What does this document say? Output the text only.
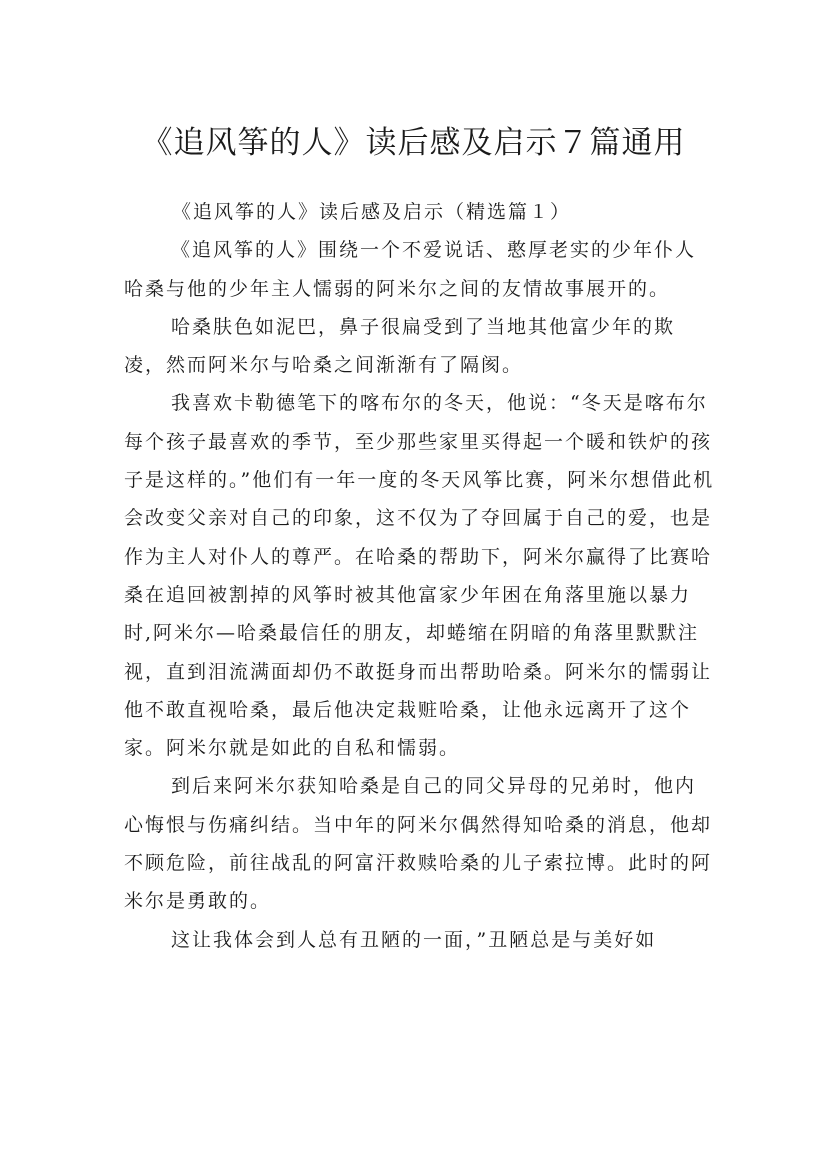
《追风筝的人》读后感及启示７篇通用

《追风筝的人》读后感及启示（精选篇１）

《追风筝的人》围绕一个不爱说话、憨厚老实的少年仆人哈桑与他的少年主人懦弱的阿米尔之间的友情故事展开的。

哈桑肤色如泥巴，鼻子很扁受到了当地其他富少年的欺凌，然而阿米尔与哈桑之间渐渐有了隔阂。

我喜欢卡勒德笔下的喀布尔的冬天，他说：“冬天是喀布尔每个孩子最喜欢的季节，至少那些家里买得起一个暖和铁炉的孩子是这样的。”他们有一年一度的冬天风筝比赛，阿米尔想借此机会改变父亲对自己的印象，这不仅为了夺回属于自己的爱，也是作为主人对仆人的尊严。在哈桑的帮助下，阿米尔赢得了比赛哈桑在追回被割掉的风筝时被其他富家少年困在角落里施以暴力时,阿米尔—哈桑最信任的朋友，却蜷缩在阴暗的角落里默默注视，直到泪流满面却仍不敢挺身而出帮助哈桑。阿米尔的懦弱让他不敢直视哈桑，最后他决定栽赃哈桑，让他永远离开了这个家。阿米尔就是如此的自私和懦弱。

到后来阿米尔获知哈桑是自己的同父异母的兄弟时，他内心悔恨与伤痛纠结。当中年的阿米尔偶然得知哈桑的消息，他却不顾危险，前往战乱的阿富汗救赎哈桑的儿子索拉博。此时的阿米尔是勇敢的。

这让我体会到人总有丑陋的一面，”丑陋总是与美好如
